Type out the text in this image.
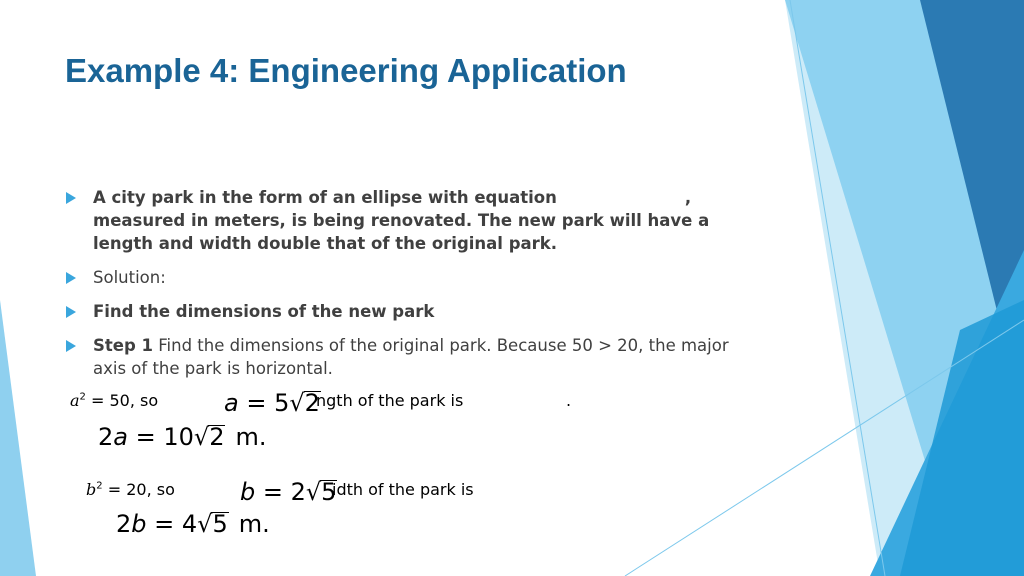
Example 4: Engineering Application
A city park in the form of an ellipse with equation	, measured in meters, is being renovated. The new park will have a length and width double that of the original park.
Solution:
Find the dimensions of the new park
Step 1 Find the dimensions of the original park. Because 50 > 20, the major axis of the park is horizontal.
$a^2 = 50$, so	a = 5√2
ngth of the park is	.
2a = 10√2 m.
$b^2 = 20$, so	b = 2√5
idth of the park is
2b = 4√5 m.
